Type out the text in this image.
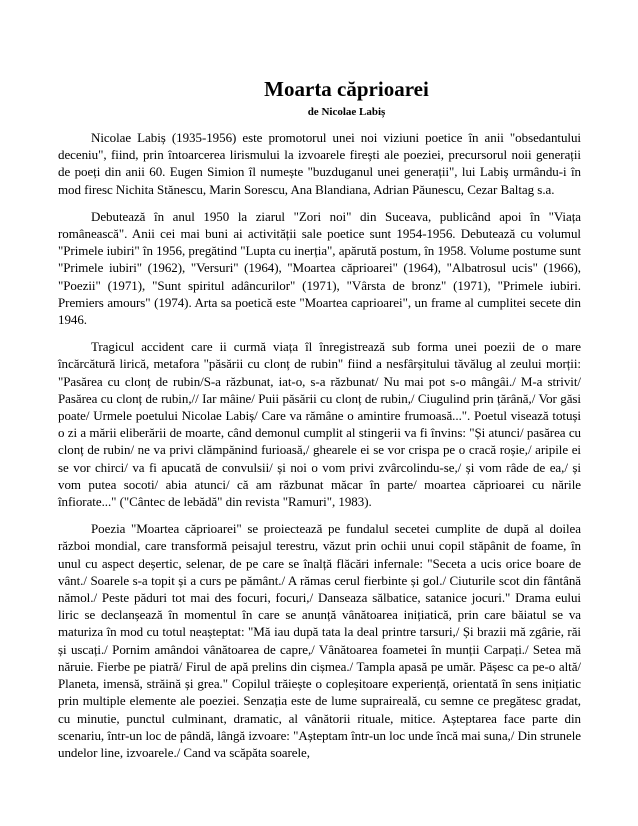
Moarta căprioarei
de Nicolae Labiș

Nicolae Labiș (1935-1956) este promotorul unei noi viziuni poetice în anii "obsedantului deceniu", fiind, prin întoarcerea lirismului la izvoarele firești ale poeziei, precursorul noii generații de poeți din anii 60. Eugen Simion îl numește "buzduganul unei generații", lui Labiș urmându-i în mod firesc Nichita Stănescu, Marin Sorescu, Ana Blandiana, Adrian Păunescu, Cezar Baltag s.a.

Debutează în anul 1950 la ziarul "Zori noi" din Suceava, publicând apoi în "Viața românească". Anii cei mai buni ai activității sale poetice sunt 1954-1956. Debutează cu volumul "Primele iubiri" în 1956, pregătind "Lupta cu inerția", apărută postum, în 1958. Volume postume sunt "Primele iubiri" (1962), "Versuri" (1964), "Moartea căprioarei" (1964), "Albatrosul ucis" (1966), "Poezii" (1971), "Sunt spiritul adâncurilor" (1971), "Vârsta de bronz" (1971), "Primele iubiri. Premiers amours" (1974). Arta sa poetică este "Moartea caprioarei", un frame al cumplitei secete din 1946.

Tragicul accident care ii curmă viața îl înregistrează sub forma unei poezii de o mare încărcătură lirică, metafora "păsării cu clonț de rubin" fiind a nesfârșitului tăvălug al zeului morții: "Pasărea cu clonț de rubin/S-a răzbunat, iat-o, s-a răzbunat/ Nu mai pot s-o mângâi./ M-a strivit/ Pasărea cu clonț de rubin,// Iar mâine/ Puii păsării cu clonț de rubin,/ Ciugulind prin țărână,/ Vor găsi poate/ Urmele poetului Nicolae Labiș/ Care va rămâne o amintire frumoasă...". Poetul visează totuși o zi a mării eliberării de moarte, când demonul cumplit al stingerii va fi învins: "Și atunci/ pasărea cu clonț de rubin/ ne va privi clămpănind furioasă,/ ghearele ei se vor crispa pe o cracă roșie,/ aripile ei se vor chirci/ va fi apucată de convulsii/ și noi o vom privi zvârcolindu-se,/ și vom râde de ea,/ și vom putea socoti/ abia atunci/ că am răzbunat măcar în parte/ moartea căprioarei cu nările înfiorate..." ("Cântec de lebădă" din revista "Ramuri", 1983).

Poezia "Moartea căprioarei" se proiectează pe fundalul secetei cumplite de după al doilea război mondial, care transformă peisajul terestru, văzut prin ochii unui copil stăpânit de foame, în unul cu aspect deșertic, selenar, de pe care se înalță flăcări infernale: "Seceta a ucis orice boare de vânt./ Soarele s-a topit și a curs pe pământ./ A rămas cerul fierbinte și gol./ Ciuturile scot din fântână nămol./ Peste păduri tot mai des focuri, focuri,/ Danseaza sălbatice, satanice jocuri." Drama eului liric se declanșează în momentul în care se anunță vânătoarea inițiatică, prin care băiatul se va maturiza în mod cu totul neașteptat: "Mă iau după tata la deal printre tarsuri,/ Și brazii mă zgârie, răi și uscați./ Pornim amândoi vânătoarea de capre,/ Vânătoarea foametei în munții Carpați./ Setea mă năruie. Fierbe pe piatră/ Firul de apă prelins din cișmea./ Tampla apasă pe umăr. Pășesc ca pe-o altă/ Planeta, imensă, străină și grea." Copilul trăiește o copleșitoare experiență, orientată în sens inițiatic prin multiple elemente ale poeziei. Senzația este de lume supraireală, cu semne ce pregătesc gradat, cu minutie, punctul culminant, dramatic, al vânătorii rituale, mitice. Așteptarea face parte din scenariu, într-un loc de pândă, lângă izvoare: "Așteptam într-un loc unde încă mai suna,/ Din strunele undelor line, izvoarele./ Cand va scăpăta soarele,
